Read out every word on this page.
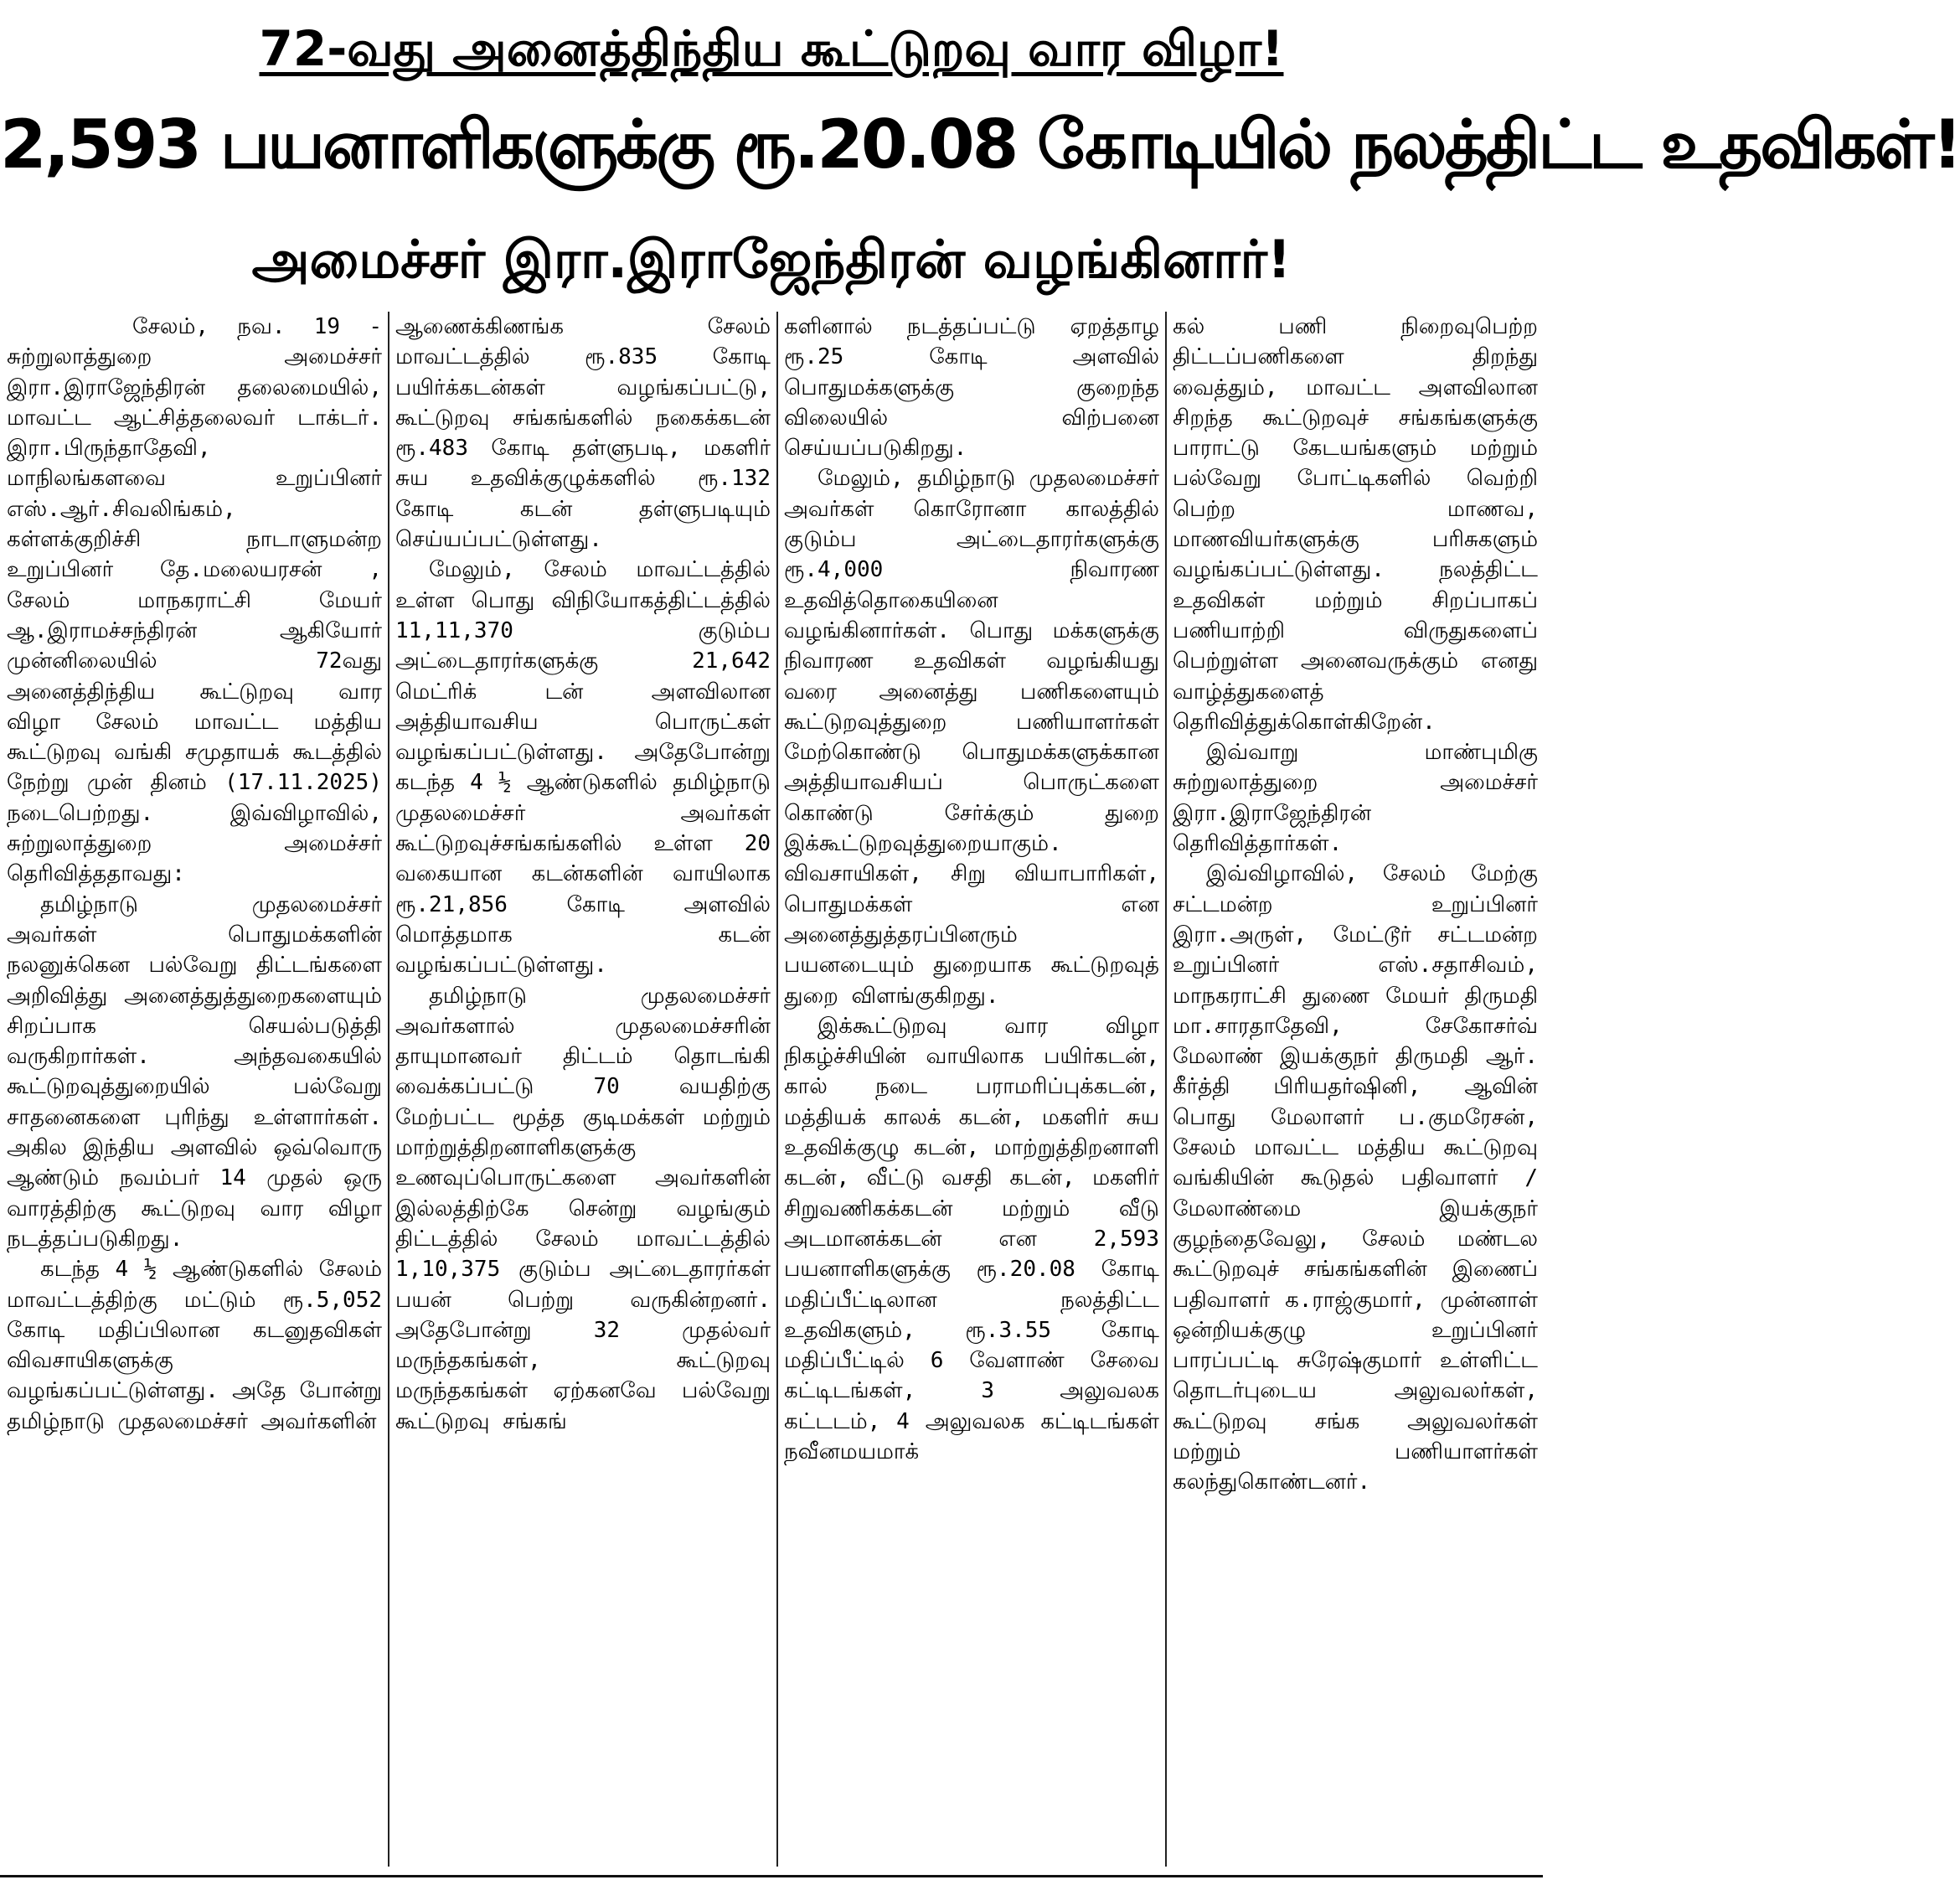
72-வது அனைத்திந்திய கூட்டுறவு வார விழா!
2,593 பயனாளிகளுக்கு ரூ.20.08 கோடியில் நலத்திட்ட உதவிகள்!
அமைச்சர் இரா.இராஜேந்திரன் வழங்கினார்!

சேலம், நவ. 19 - சுற்றுலாத்துறை அமைச்சர் இரா.இராஜேந்திரன் தலைமையில், மாவட்ட ஆட்சித்தலைவர் டாக்டர். இரா.பிருந்தாதேவி, மாநிலங்களவை உறுப்பினர் எஸ்.ஆர்.சிவலிங்கம், கள்ளக்குறிச்சி நாடாளுமன்ற உறுப்பினர் தே.மலையரசன் , சேலம் மாநகராட்சி மேயர் ஆ.இராமச்சந்திரன் ஆகியோர் முன்னிலையில் 72வது அனைத்திந்திய கூட்டுறவு வார விழா சேலம் மாவட்ட மத்திய கூட்டுறவு வங்கி சமுதாயக் கூடத்தில் நேற்று முன் தினம் (17.11.2025) நடைபெற்றது. இவ்விழாவில், சுற்றுலாத்துறை அமைச்சர் தெரிவித்ததாவது:

தமிழ்நாடு முதலமைச்சர் அவர்கள் பொதுமக்களின் நலனுக்கென பல்வேறு திட்டங்களை அறிவித்து அனைத்துத்துறைகளையும் சிறப்பாக செயல்படுத்தி வருகிறார்கள். அந்தவகையில் கூட்டுறவுத்துறையில் பல்வேறு சாதனைகளை புரிந்து உள்ளார்கள். அகில இந்திய அளவில் ஒவ்வொரு ஆண்டும் நவம்பர் 14 முதல் ஒரு வாரத்திற்கு கூட்டுறவு வார விழா நடத்தப்படுகிறது.

கடந்த 4 ½ ஆண்டுகளில் சேலம் மாவட்டத்திற்கு மட்டும் ரூ.5,052 கோடி மதிப்பிலான கடனுதவிகள் விவசாயிகளுக்கு வழங்கப்பட்டுள்ளது. அதே போன்று தமிழ்நாடு முதலமைச்சர் அவர்களின்

ஆணைக்கிணங்க சேலம் மாவட்டத்தில் ரூ.835 கோடி பயிர்க்கடன்கள் வழங்கப்பட்டு, கூட்டுறவு சங்கங்களில் நகைக்கடன் ரூ.483 கோடி தள்ளுபடி, மகளிர் சுய உதவிக்குழுக்களில் ரூ.132 கோடி கடன் தள்ளுபடியும் செய்யப்பட்டுள்ளது.

மேலும், சேலம் மாவட்டத்தில் உள்ள பொது விநியோகத்திட்டத்தில் 11,11,370 குடும்ப அட்டைதாரர்களுக்கு 21,642 மெட்ரிக் டன் அளவிலான அத்தியாவசிய பொருட்கள் வழங்கப்பட்டுள்ளது. அதேபோன்று கடந்த 4 ½ ஆண்டுகளில் தமிழ்நாடு முதலமைச்சர் அவர்கள் கூட்டுறவுச்சங்கங்களில் உள்ள 20 வகையான கடன்களின் வாயிலாக ரூ.21,856 கோடி அளவில் மொத்தமாக கடன் வழங்கப்பட்டுள்ளது.

தமிழ்நாடு முதலமைச்சர் அவர்களால் முதலமைச்சரின் தாயுமானவர் திட்டம் தொடங்கி வைக்கப்பட்டு 70 வயதிற்கு மேற்பட்ட மூத்த குடிமக்கள் மற்றும் மாற்றுத்திறனாளிகளுக்கு உணவுப்பொருட்களை அவர்களின் இல்லத்திற்கே சென்று வழங்கும் திட்டத்தில் சேலம் மாவட்டத்தில் 1,10,375 குடும்ப அட்டைதாரர்கள் பயன் பெற்று வருகின்றனர். அதேபோன்று 32 முதல்வர் மருந்தகங்கள், கூட்டுறவு மருந்தகங்கள் ஏற்கனவே பல்வேறு கூட்டுறவு சங்கங்

களினால் நடத்தப்பட்டு ஏறத்தாழ ரூ.25 கோடி அளவில் பொதுமக்களுக்கு குறைந்த விலையில் விற்பனை செய்யப்படுகிறது.

மேலும், தமிழ்நாடு முதலமைச்சர் அவர்கள் கொரோனா காலத்தில் குடும்ப அட்டைதாரர்களுக்கு ரூ.4,000 நிவாரண உதவித்தொகையினை வழங்கினார்கள். பொது மக்களுக்கு நிவாரண உதவிகள் வழங்கியது வரை அனைத்து பணிகளையும் கூட்டுறவுத்துறை பணியாளர்கள் மேற்கொண்டு பொதுமக்களுக்கான அத்தியாவசியப் பொருட்களை கொண்டு சேர்க்கும் துறை இக்கூட்டுறவுத்துறையாகும். விவசாயிகள், சிறு வியாபாரிகள், பொதுமக்கள் என அனைத்துத்தரப்பினரும் பயனடையும் துறையாக கூட்டுறவுத் துறை விளங்குகிறது.

இக்கூட்டுறவு வார விழா நிகழ்ச்சியின் வாயிலாக பயிர்கடன், கால் நடை பராமரிப்புக்கடன், மத்தியக் காலக் கடன், மகளிர் சுய உதவிக்குழு கடன், மாற்றுத்திறனாளி கடன், வீட்டு வசதி கடன், மகளிர் சிறுவணிகக்கடன் மற்றும் வீடு அடமானக்கடன் என 2,593 பயனாளிகளுக்கு ரூ.20.08 கோடி மதிப்பீட்டிலான நலத்திட்ட உதவிகளும், ரூ.3.55 கோடி மதிப்பீட்டில் 6 வேளாண் சேவை கட்டிடங்கள், 3 அலுவலக கட்டடம், 4 அலுவலக கட்டிடங்கள் நவீனமயமாக்

கல் பணி நிறைவுபெற்ற திட்டப்பணிகளை திறந்து வைத்தும், மாவட்ட அளவிலான சிறந்த கூட்டுறவுச் சங்கங்களுக்கு பாராட்டு கேடயங்களும் மற்றும் பல்வேறு போட்டிகளில் வெற்றி பெற்ற மாணவ, மாணவியர்களுக்கு பரிசுகளும் வழங்கப்பட்டுள்ளது. நலத்திட்ட உதவிகள் மற்றும் சிறப்பாகப் பணியாற்றி விருதுகளைப் பெற்றுள்ள அனைவருக்கும் எனது வாழ்த்துகளைத் தெரிவித்துக்கொள்கிறேன்.

இவ்வாறு மாண்புமிகு சுற்றுலாத்துறை அமைச்சர் இரா.இராஜேந்திரன் தெரிவித்தார்கள்.

இவ்விழாவில், சேலம் மேற்கு சட்டமன்ற உறுப்பினர் இரா.அருள், மேட்டூர் சட்டமன்ற உறுப்பினர் எஸ்.சதாசிவம், மாநகராட்சி துணை மேயர் திருமதி மா.சாரதாதேவி, சேகோசர்வ் மேலாண் இயக்குநர் திருமதி ஆர். கீர்த்தி பிரியதர்ஷினி, ஆவின் பொது மேலாளர் ப.குமரேசன், சேலம் மாவட்ட மத்திய கூட்டுறவு வங்கியின் கூடுதல் பதிவாளர் / மேலாண்மை இயக்குநர் குழந்தைவேலு, சேலம் மண்டல கூட்டுறவுச் சங்கங்களின் இணைப் பதிவாளர் க.ராஜ்குமார், முன்னாள் ஒன்றியக்குழு உறுப்பினர் பாரப்பட்டி சுரேஷ்குமார் உள்ளிட்ட தொடர்புடைய அலுவலர்கள், கூட்டுறவு சங்க அலுவலர்கள் மற்றும் பணியாளர்கள் கலந்துகொண்டனர்.
